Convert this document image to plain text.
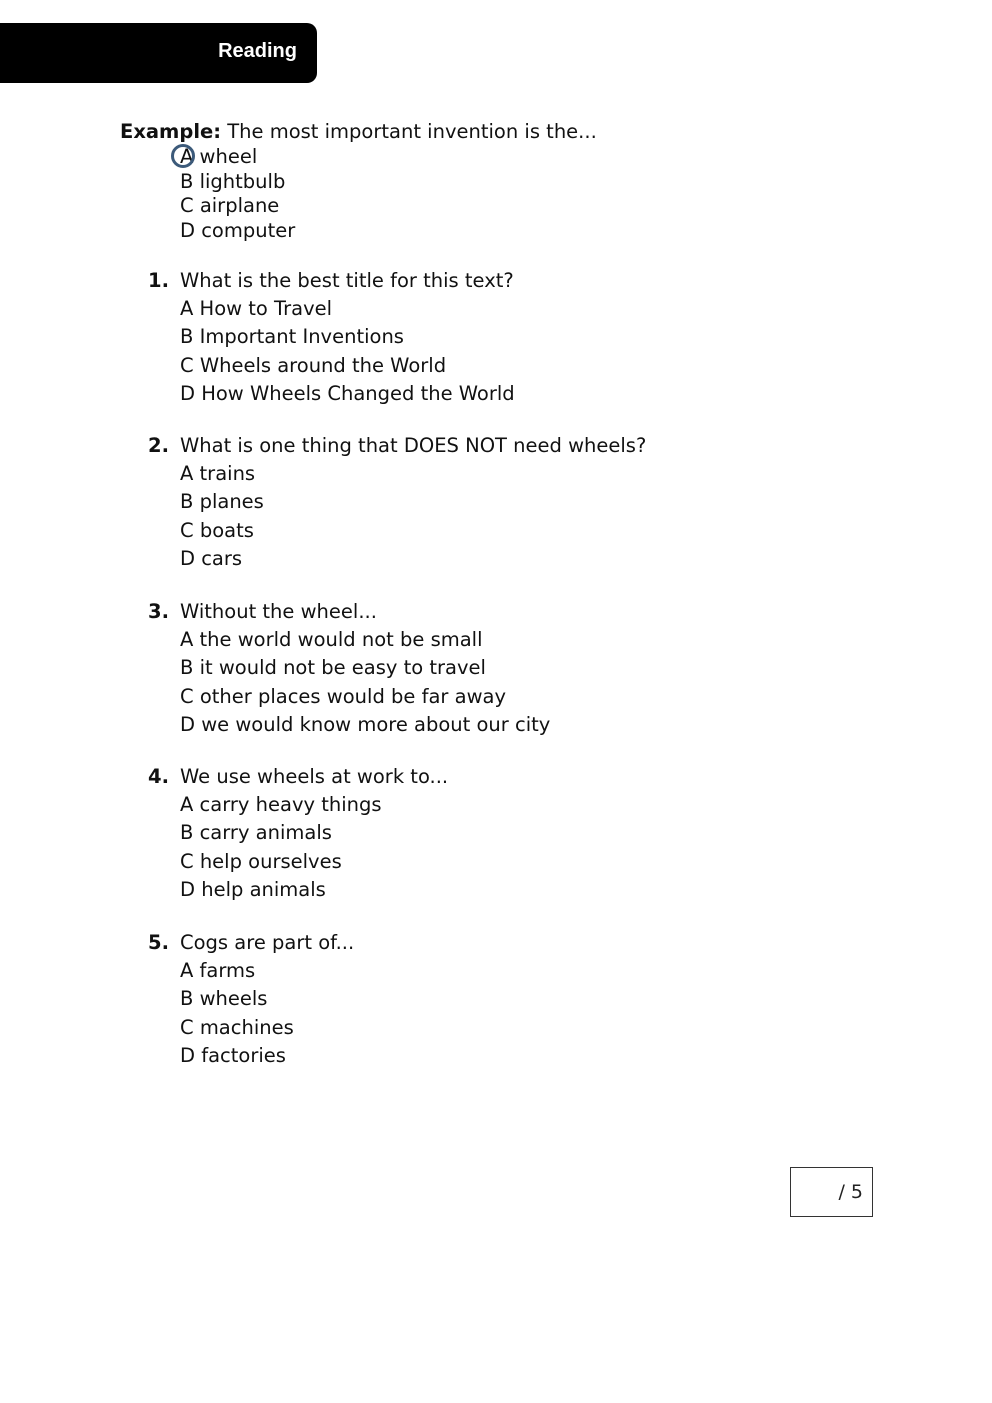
Reading
Example: The most important invention is the...
A wheel
B lightbulb
C airplane
D computer
1. What is the best title for this text?
A How to Travel
B Important Inventions
C Wheels around the World
D How Wheels Changed the World
2. What is one thing that DOES NOT need wheels?
A trains
B planes
C boats
D cars
3. Without the wheel...
A the world would not be small
B it would not be easy to travel
C other places would be far away
D we would know more about our city
4. We use wheels at work to...
A carry heavy things
B carry animals
C help ourselves
D help animals
5. Cogs are part of...
A farms
B wheels
C machines
D factories
/ 5
